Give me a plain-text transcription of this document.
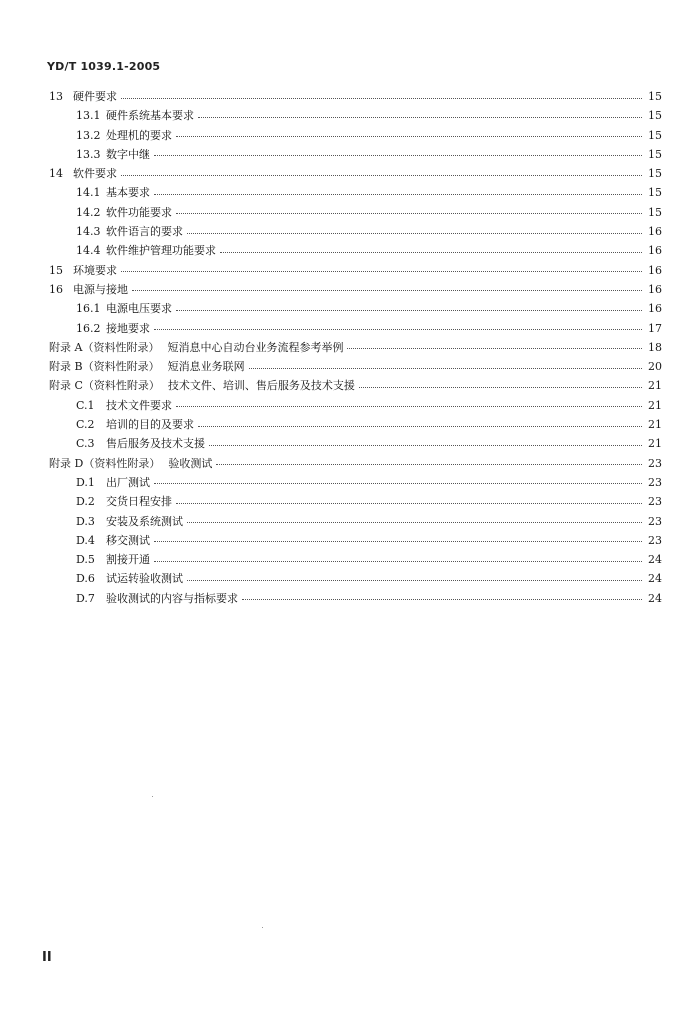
YD/T 1039.1-2005
13 硬件要求	15
13.1 硬件系统基本要求	15
13.2 处理机的要求	15
13.3 数字中继	15
14 软件要求	15
14.1 基本要求	15
14.2 软件功能要求	15
14.3 软件语言的要求	16
14.4 软件维护管理功能要求	16
15 环境要求	16
16 电源与接地	16
16.1 电源电压要求	16
16.2 接地要求	17
附录 A（资料性附录） 短消息中心自动台业务流程参考举例	18
附录 B（资料性附录） 短消息业务联网	20
附录 C（资料性附录） 技术文件、培训、售后服务及技术支援	21
C.1	技术文件要求	21
C.2	培训的目的及要求	21
C.3	售后服务及技术支援	21
附录 D（资料性附录） 验收测试	23
D.1	出厂测试	23
D.2	交货日程安排	23
D.3	安装及系统测试	23
D.4	移交测试	23
D.5	割接开通	24
D.6	试运转验收测试	24
D.7	验收测试的内容与指标要求	24
II
